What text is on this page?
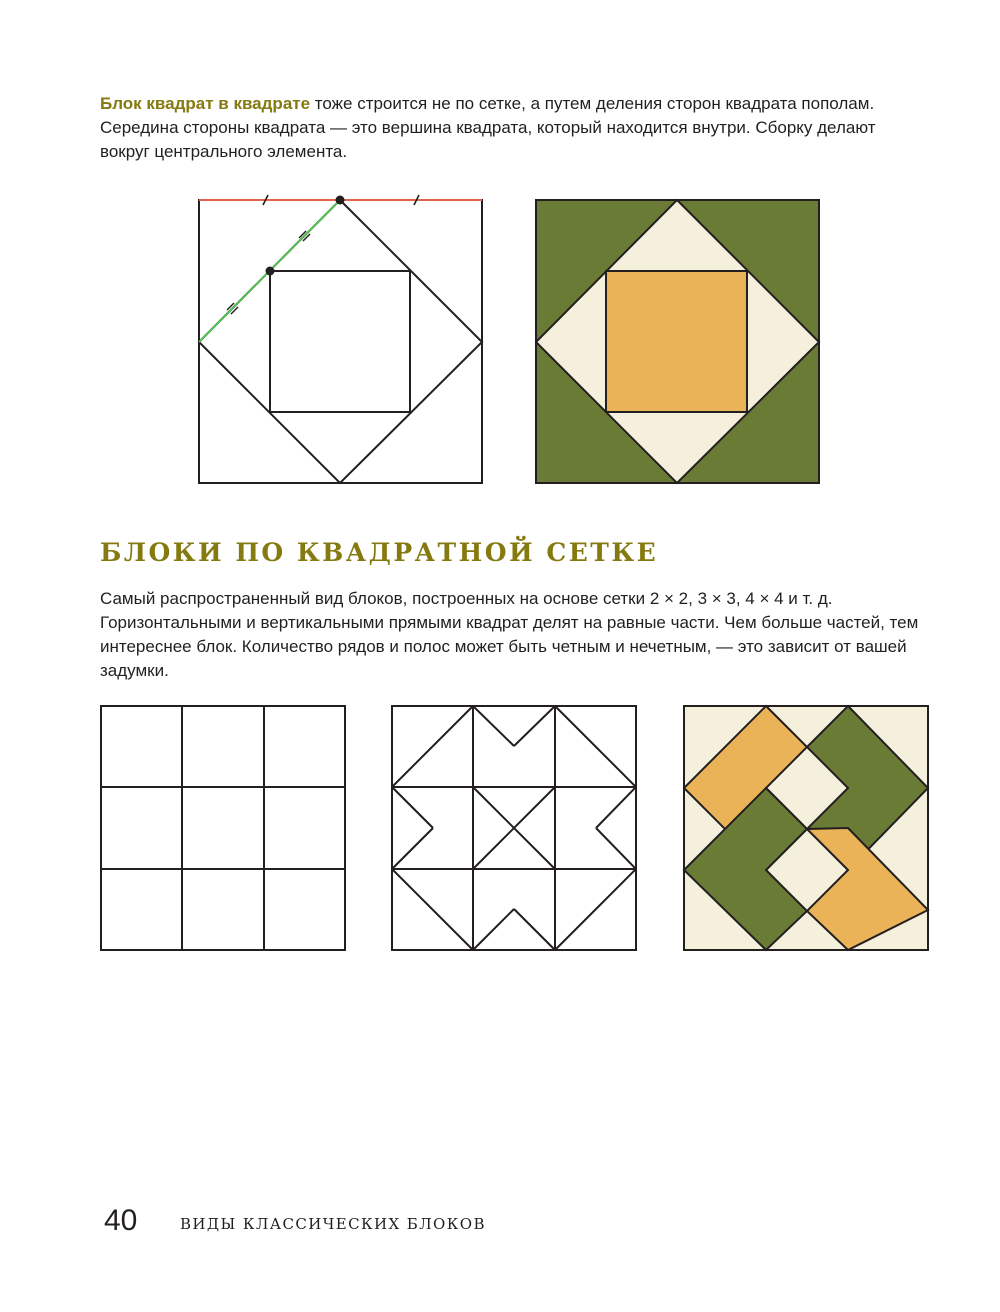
Блок квадрат в квадрате тоже строится не по сетке, а путем деления сторон квадрата пополам. Середина стороны квадрата — это вершина квадрата, который находится внутри. Сборку делают вокруг центрального элемента.

БЛОКИ ПО КВАДРАТНОЙ СЕТКЕ

Самый распространенный вид блоков, построенных на основе сетки 2 × 2, 3 × 3, 4 × 4 и т. д. Горизонтальными и вертикальными прямыми квадрат делят на равные части. Чем больше частей, тем интереснее блок. Количество рядов и полос может быть четным и нечетным, — это зависит от вашей задумки.

40	ВИДЫ КЛАССИЧЕСКИХ БЛОКОВ
